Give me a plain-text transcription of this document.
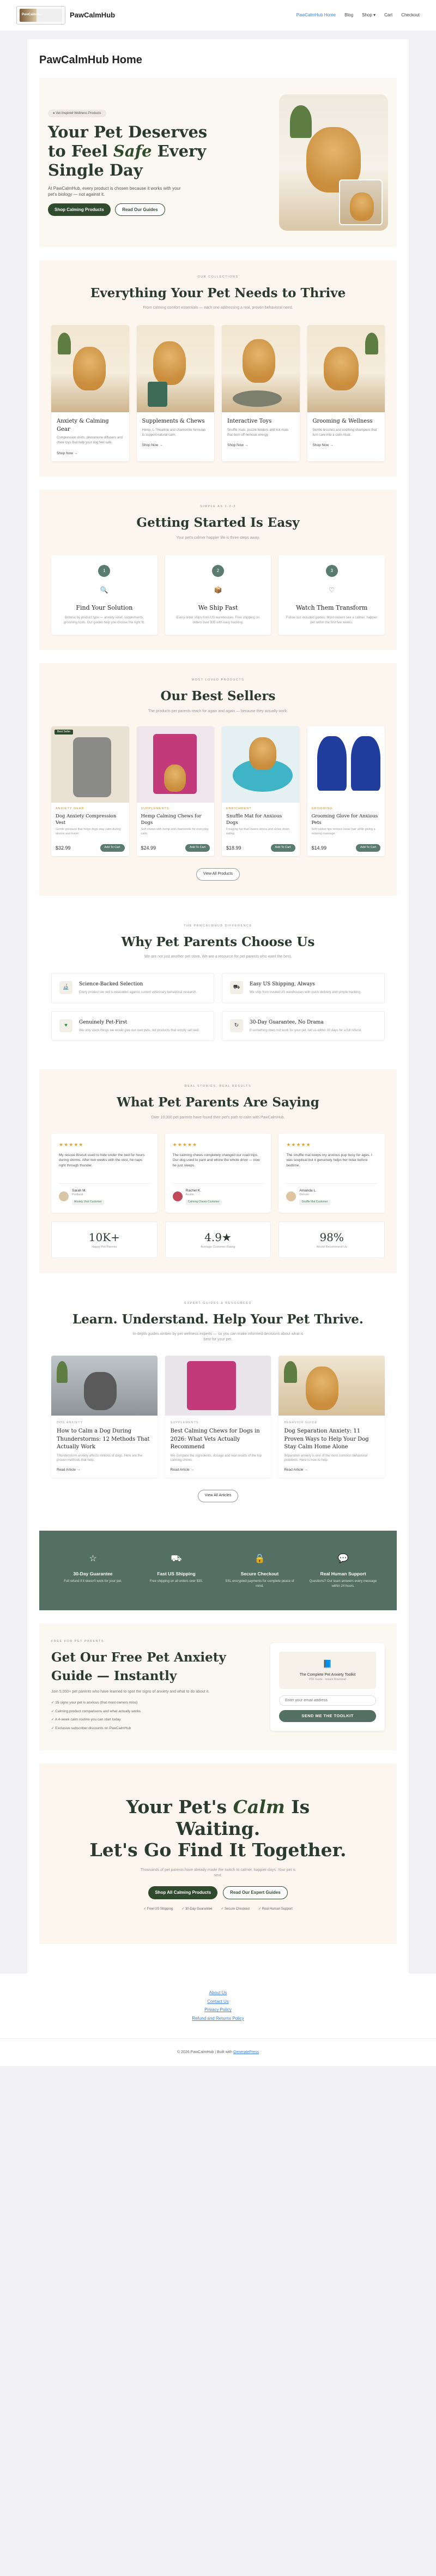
PawCalmHub	PawCalmHub	PawCalmHub Home Blog Shop ▾ Cart Checkout
PawCalmHub Home
● Vet-Inspired Wellness Products
Your Pet Deserves
to Feel Safe Every
Single Day

At PawCalmHub, every product is chosen because it works with your pet's biology — not against it.

Shop Calming Products	Read Our Guides
OUR COLLECTIONS
Everything Your Pet Needs to Thrive

From calming comfort essentials — each one addressing a real, proven behavioral need.

Anxiety & Calming Gear
Compression shirts, pheromone diffusers and chew toys that help your dog feel safe.
Shop Now →
Supplements & Chews
Hemp, L-Theanine and chamomile formulas to support natural calm.
Shop Now →
Interactive Toys
Snuffle mats, puzzle feeders and lick mats that burn off nervous energy.
Shop Now →
Grooming & Wellness
Gentle brushes and soothing shampoos that turn care into a calm ritual.
Shop Now →
SIMPLE AS 1-2-3
Getting Started Is Easy

Your pet's calmer happier life is three steps away.

1
🔍
Find Your Solution
Browse by product type — anxiety relief, supplements, grooming tools. Our guides help you choose the right fit.
2
📦
We Ship Fast
Every order ships from US warehouses. Free shipping on orders over $35 with easy tracking.
3
♡
Watch Them Transform
Follow our included guides. Most owners see a calmer, happier pet within the first few weeks.
MOST LOVED PRODUCTS
Our Best Sellers

The products pet parents reach for again and again — because they actually work.

Best Seller
ANXIETY GEAR
Dog Anxiety Compression Vest
Gentle pressure that helps dogs stay calm during storms and travel.
$32.99	Add To Cart
SUPPLEMENTS
Hemp Calming Chews for Dogs
Soft chews with hemp and chamomile for everyday calm.
$24.99	Add To Cart
ENRICHMENT
Snuffle Mat for Anxious Dogs
Foraging fun that lowers stress and slows down eating.
$18.99	Add To Cart
GROOMING
Grooming Glove for Anxious Pets
Soft rubber tips remove loose hair while giving a relaxing massage.
$14.99	Add To Cart
View All Products
THE PAWCALMHUB DIFFERENCE
Why Pet Parents Choose Us

We are not just another pet store. We are a resource for pet parents who want the best.

🔬	Science-Backed Selection
Every product we sell is evaluated against current veterinary behavioral research.
⛟	Easy US Shipping, Always
We ship from trusted US warehouses with quick delivery and simple tracking.
♥	Genuinely Pet-First
We only stock things we would give our own pets, not products that simply sell well.
↻	30-Day Guarantee, No Drama
If something does not work for your pet, tell us within 30 days for a full refund.
REAL STORIES, REAL RESULTS
What Pet Parents Are Saying

Over 10,000 pet parents have found their pet's path to calm with PawCalmHub.

★★★★★
My rescue Biscuit used to hide under the bed for hours during storms. After two weeks with the vest, he naps right through thunder.
Sarah M.
Portland
Anxiety Vest Customer
★★★★★
The calming chews completely changed our road trips. Our dog used to pant and whine the whole drive — now he just sleeps.
Rachel K.
Austin
Calming Chews Customer
★★★★★
The snuffle mat keeps my anxious pup busy for ages. I was sceptical but it genuinely helps her relax before bedtime.
Amanda L.
Denver
Snuffle Mat Customer
10K+
Happy Pet Parents
4.9★
Average Customer Rating
98%
Would Recommend Us
EXPERT GUIDES & RESOURCES
Learn. Understand. Help Your Pet Thrive.

In-depth guides written by pet wellness experts — so you can make informed decisions about what is best for your pet.

DOG ANXIETY
How to Calm a Dog During Thunderstorms: 12 Methods That Actually Work
Thunderstorm anxiety affects millions of dogs. Here are the proven methods that help.
Read Article →
SUPPLEMENTS
Best Calming Chews for Dogs in 2026: What Vets Actually Recommend
We compare the ingredients, dosage and real results of the top calming chews.
Read Article →
BEHAVIOR GUIDE
Dog Separation Anxiety: 11 Proven Ways to Help Your Dog Stay Calm Home Alone
Separation anxiety is one of the most common behavioral problems. Here is how to help.
Read Article →
View All Articles
☆
30-Day Guarantee
Full refund if it doesn't work for your pet.
⛟
Fast US Shipping
Free shipping on all orders over $35.
🔒
Secure Checkout
SSL encrypted payments for complete peace of mind.
💬
Real Human Support
Questions? Our team answers every message within 24 hours.
FREE FOR PET PARENTS
Get Our Free Pet Anxiety Guide — Instantly

Join 5,000+ pet parents who have learned to spot the signs of anxiety and what to do about it.

✓ 15 signs your pet is anxious (that most owners miss)
✓ Calming product comparisons and what actually works
✓ A 4-week calm routine you can start today
✓ Exclusive subscriber discounts on PawCalmHub
📘
The Complete Pet Anxiety Toolkit
PDF Guide · Instant Download
Enter your email address
SEND ME THE TOOLKIT
Your Pet's Calm Is
Waiting.
Let's Go Find It Together.

Thousands of pet parents have already made the switch to calmer, happier days. Your pet is next.

Shop All Calming Products	Read Our Expert Guides
✓ Free US Shipping	✓ 30-Day Guarantee	✓ Secure Checkout	✓ Real Human Support
About Us
Contact Us
Privacy Policy
Refund and Returns Policy
© 2026 PawCalmHub | Built with GeneratePress
